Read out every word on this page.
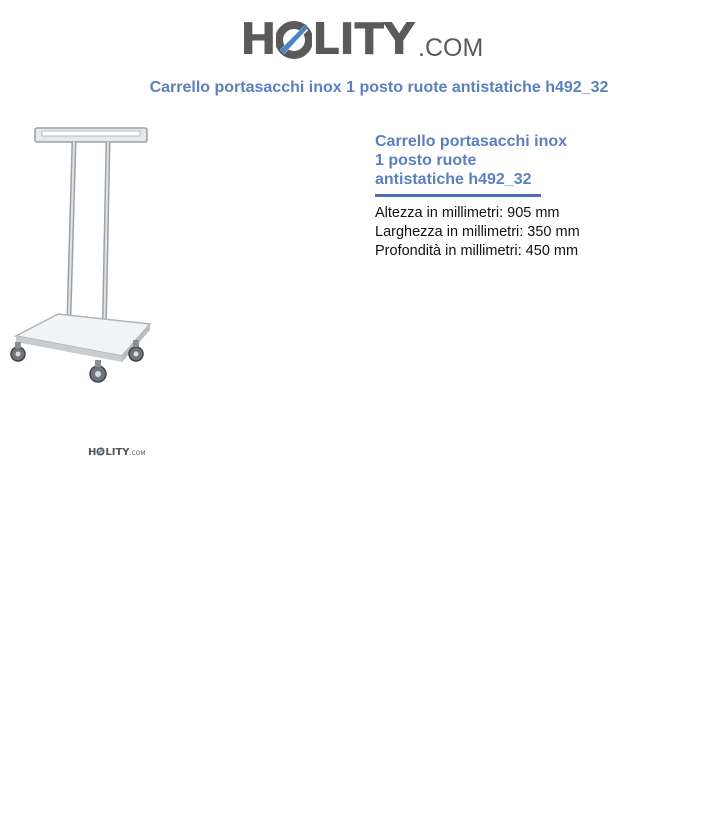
H LITY .COM
Carrello portasacchi inox 1 posto ruote antistatiche h492_32
H LITY.COM
Carrello portasacchi inox
1 posto ruote
antistatiche h492_32
Altezza in millimetri: 905 mm
Larghezza in millimetri: 350 mm
Profondità in millimetri: 450 mm
